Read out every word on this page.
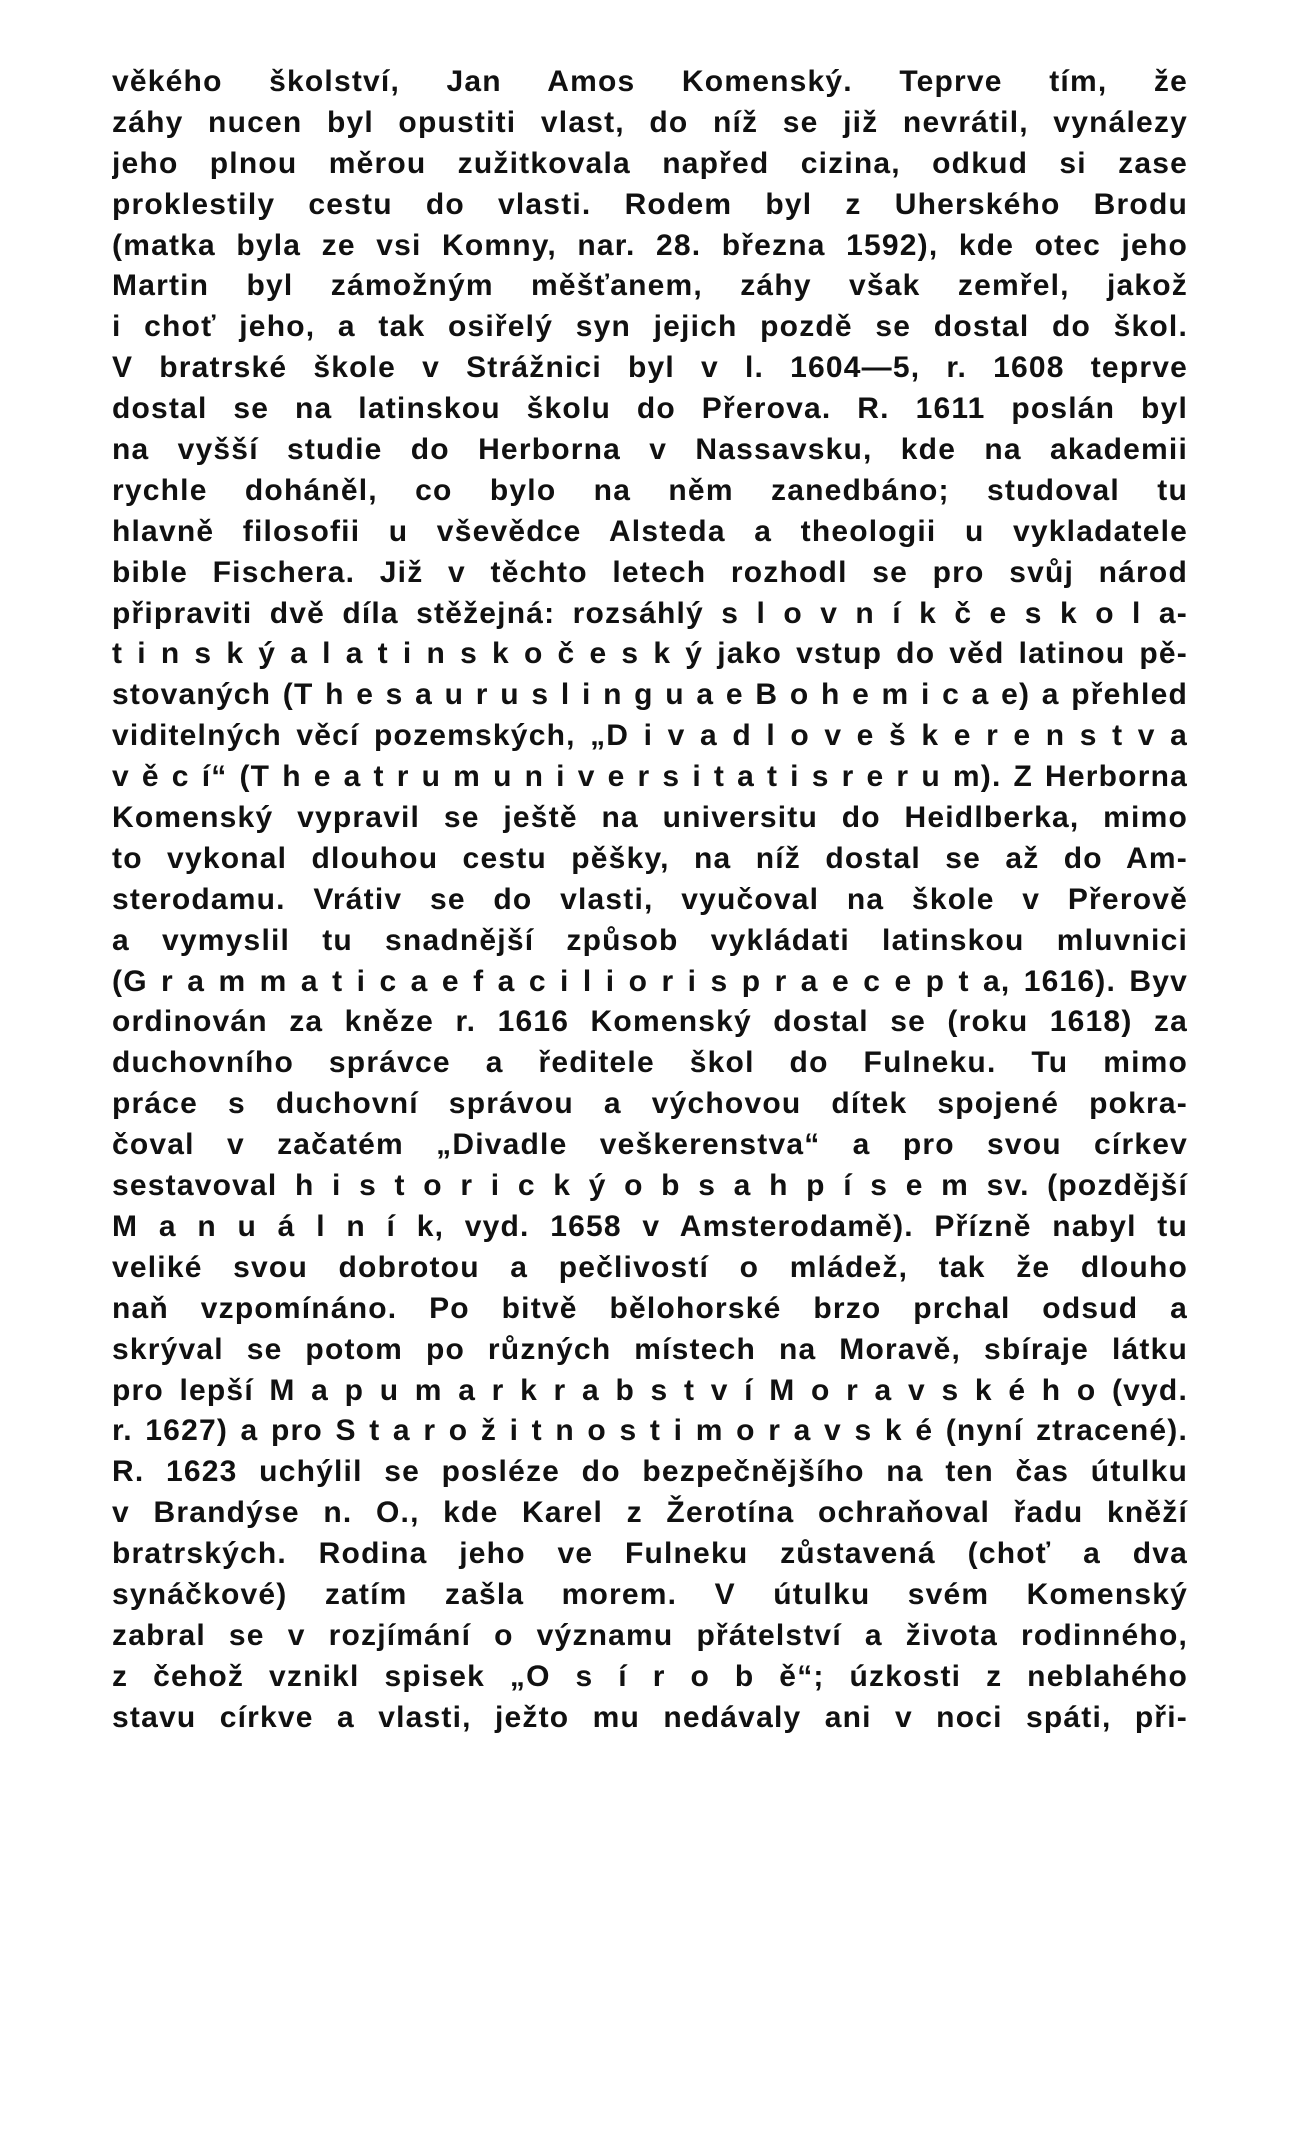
věkého školství, Jan Amos Komenský. Teprve tím, že
záhy nucen byl opustiti vlast, do níž se již nevrátil, vynálezy
jeho plnou měrou zužitkovala napřed cizina, odkud si zase
proklestily cestu do vlasti. Rodem byl z Uherského Brodu
(matka byla ze vsi Komny, nar. 28. března 1592), kde otec jeho
Martin byl zámožným měšťanem, záhy však zemřel, jakož
i choť jeho, a tak osiřelý syn jejich pozdě se dostal do škol.
V bratrské škole v Strážnici byl v l. 1604—5, r. 1608 teprve
dostal se na latinskou školu do Přerova. R. 1611 poslán byl
na vyšší studie do Herborna v Nassavsku, kde na akademii
rychle doháněl, co bylo na něm zanedbáno; studoval tu
hlavně filosofii u vševědce Alsteda a theologii u vykladatele
bible Fischera. Již v těchto letech rozhodl se pro svůj národ
připraviti dvě díla stěžejná: rozsáhlý s l o v n í k č e s k o l a-
t i n s k ý a l a t i n s k o č e s k ý jako vstup do věd latinou pě-
stovaných (T h e s a u r u s l i n g u a e B o h e m i c a e) a přehled
viditelných věcí pozemských, „D i v a d l o v e š k e r e n s t v a
v ě c í“ (T h e a t r u m u n i v e r s i t a t i s r e r u m). Z Herborna
Komenský vypravil se ještě na universitu do Heidlberka, mimo
to vykonal dlouhou cestu pěšky, na níž dostal se až do Am-
sterodamu. Vrátiv se do vlasti, vyučoval na škole v Přerově
a vymyslil tu snadnější způsob vykládati latinskou mluvnici
(G r a m m a t i c a e f a c i l i o r i s p r a e c e p t a, 1616). Byv
ordinován za kněze r. 1616 Komenský dostal se (roku 1618) za
duchovního správce a ředitele škol do Fulneku. Tu mimo
práce s duchovní správou a výchovou dítek spojené pokra-
čoval v začatém „Divadle veškerenstva“ a pro svou církev
sestavoval h i s t o r i c k ý o b s a h p í s e m sv. (pozdější
M a n u á l n í k, vyd. 1658 v Amsterodamě). Přízně nabyl tu
veliké svou dobrotou a pečlivostí o mládež, tak že dlouho
naň vzpomínáno. Po bitvě bělohorské brzo prchal odsud a
skrýval se potom po různých místech na Moravě, sbíraje látku
pro lepší M a p u m a r k r a b s t v í M o r a v s k é h o (vyd.
r. 1627) a pro S t a r o ž i t n o s t i m o r a v s k é (nyní ztracené).
R. 1623 uchýlil se posléze do bezpečnějšího na ten čas útulku
v Brandýse n. O., kde Karel z Žerotína ochraňoval řadu kněží
bratrských. Rodina jeho ve Fulneku zůstavená (choť a dva
synáčkové) zatím zašla morem. V útulku svém Komenský
zabral se v rozjímání o významu přátelství a života rodinného,
z čehož vznikl spisek „O s í r o b ě“; úzkosti z neblahého
stavu církve a vlasti, ježto mu nedávaly ani v noci spáti, při-
